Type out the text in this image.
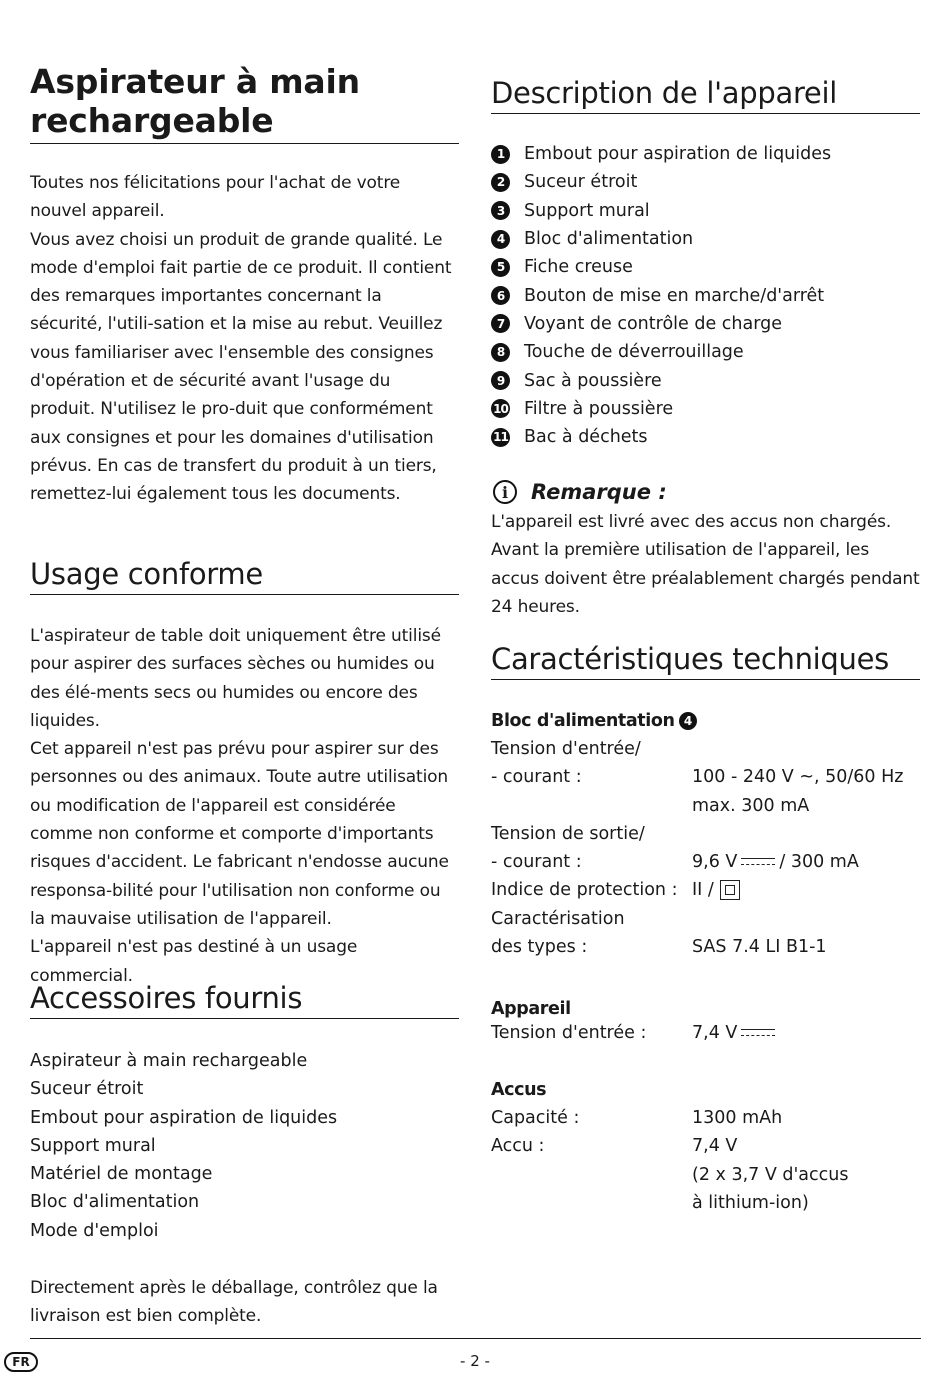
Aspirateur à main
rechargeable

Toutes nos félicitations pour l'achat de votre nouvel appareil.

Vous avez choisi un produit de grande qualité. Le mode d'emploi fait partie de ce produit. Il contient des remarques importantes concernant la sécurité, l'utili-sation et la mise au rebut. Veuillez vous familiariser avec l'ensemble des consignes d'opération et de sécurité avant l'usage du produit. N'utilisez le pro-duit que conformément aux consignes et pour les domaines d'utilisation prévus. En cas de transfert du produit à un tiers, remettez-lui également tous les documents.

Usage conforme

L'aspirateur de table doit uniquement être utilisé pour aspirer des surfaces sèches ou humides ou des élé-ments secs ou humides ou encore des liquides.

Cet appareil n'est pas prévu pour aspirer sur des personnes ou des animaux. Toute autre utilisation ou modification de l'appareil est considérée comme non conforme et comporte d'importants risques d'accident. Le fabricant n'endosse aucune responsa-bilité pour l'utilisation non conforme ou la mauvaise utilisation de l'appareil.

L'appareil n'est pas destiné à un usage commercial.

Accessoires fournis
Aspirateur à main rechargeable
Suceur étroit
Embout pour aspiration de liquides
Support mural
Matériel de montage
Bloc d'alimentation
Mode d'emploi

Directement après le déballage, contrôlez que la livraison est bien complète.

Description de l'appareil
1	Embout pour aspiration de liquides
2	Suceur étroit
3	Support mural
4	Bloc d'alimentation
5	Fiche creuse
6	Bouton de mise en marche/d'arrêt
7	Voyant de contrôle de charge
8	Touche de déverrouillage
9	Sac à poussière
10 Filtre à poussière
11 Bac à déchets
i	Remarque :

L'appareil est livré avec des accus non chargés. Avant la première utilisation de l'appareil, les accus doivent être préalablement chargés pendant 24 heures.

Caractéristiques techniques
Bloc d'alimentation 4
Tension d'entrée/
- courant :	100 - 240 V ~, 50/60 Hz
max. 300 mA
Tension de sortie/
- courant :	9,6 V / 300 mA
Indice de protection : II /
Caractérisation
des types :	SAS 7.4 LI B1-1
Appareil
Tension d'entrée :	7,4 V
Accus
Capacité :	1300 mAh
Accu :	7,4 V
(2 x 3,7 V d'accus
à lithium-ion)
FR	- 2 -
